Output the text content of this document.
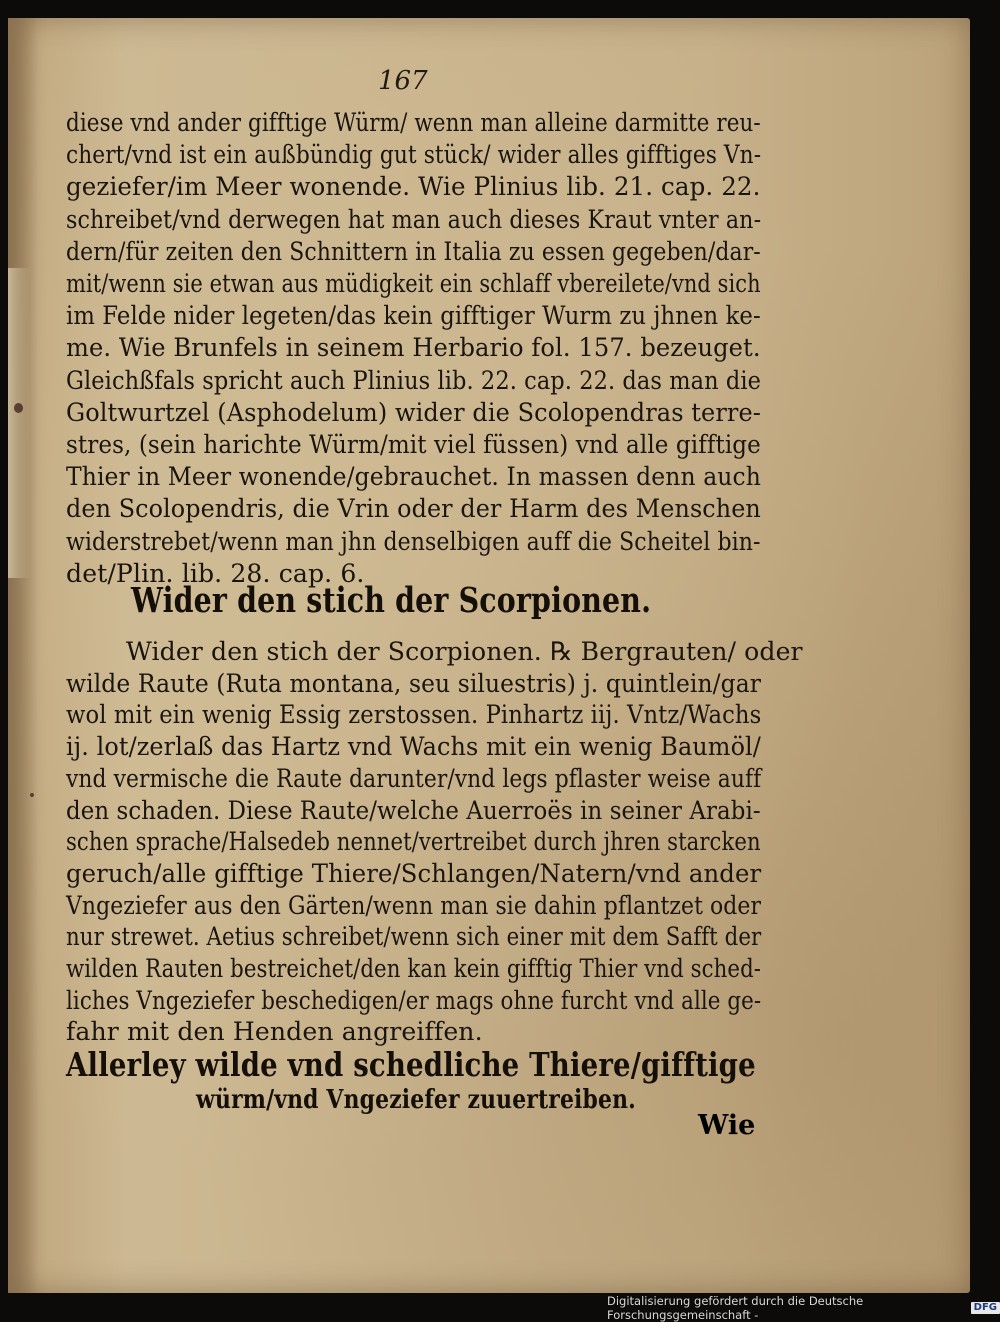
167
diese vnd ander gifftige Würm/ wenn man alleine darmitte reu-
chert/vnd ist ein außbündig gut stück/ wider alles gifftiges Vn-
geziefer/im Meer wonende. Wie Plinius lib. 21. cap. 22.
schreibet/vnd derwegen hat man auch dieses Kraut vnter an-
dern/für zeiten den Schnittern in Italia zu essen gegeben/dar-
mit/wenn sie etwan aus müdigkeit ein schlaff vbereilete/vnd sich
im Felde nider legeten/das kein gifftiger Wurm zu jhnen ke-
me. Wie Brunfels in seinem Herbario fol. 157. bezeuget.
Gleichßfals spricht auch Plinius lib. 22. cap. 22. das man die
Goltwurtzel (Asphodelum) wider die Scolopendras terre-
stres, (sein harichte Würm/mit viel füssen) vnd alle gifftige
Thier in Meer wonende/gebrauchet. In massen denn auch
den Scolopendris, die Vrin oder der Harm des Menschen
widerstrebet/wenn man jhn denselbigen auff die Scheitel bin-
det/Plin. lib. 28. cap. 6.
Wider den stich der Scorpionen.
Wider den stich der Scorpionen. ℞ Bergrauten/ oder
wilde Raute (Ruta montana, seu siluestris) j. quintlein/gar
wol mit ein wenig Essig zerstossen. Pinhartz iij. Vntz/Wachs
ij. lot/zerlaß das Hartz vnd Wachs mit ein wenig Baumöl/
vnd vermische die Raute darunter/vnd legs pflaster weise auff
den schaden. Diese Raute/welche Auerroës in seiner Arabi-
schen sprache/Halsedeb nennet/vertreibet durch jhren starcken
geruch/alle gifftige Thiere/Schlangen/Natern/vnd ander
Vngeziefer aus den Gärten/wenn man sie dahin pflantzet oder
nur strewet. Aetius schreibet/wenn sich einer mit dem Safft der
wilden Rauten bestreichet/den kan kein gifftig Thier vnd sched-
liches Vngeziefer beschedigen/er mags ohne furcht vnd alle ge-
fahr mit den Henden angreiffen.
Allerley wilde vnd schedliche Thiere/gifftige
würm/vnd Vngeziefer zuuertreiben.
Wie
Digitalisierung gefördert durch die Deutsche Forschungsgemeinschaft -
DFG
